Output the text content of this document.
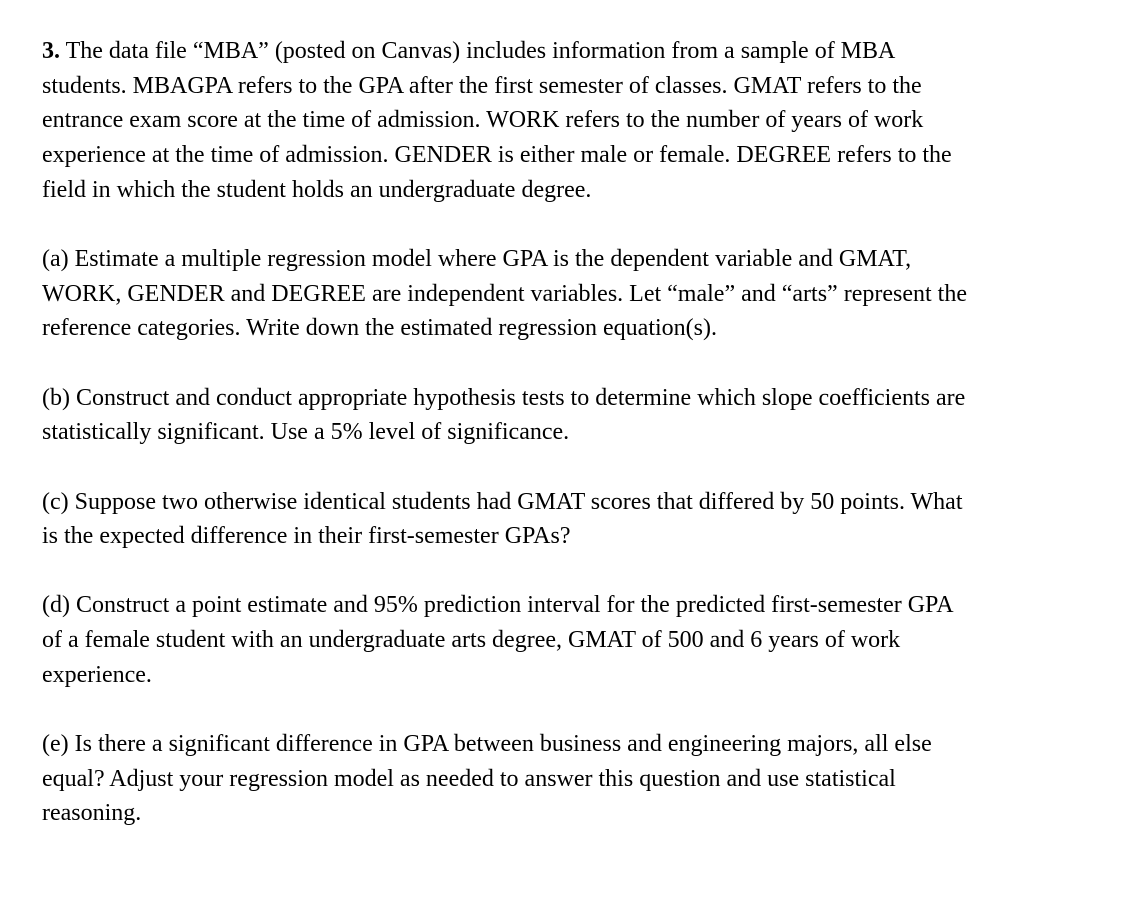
3. The data file “MBA” (posted on Canvas) includes information from a sample of MBA
students. MBAGPA refers to the GPA after the first semester of classes. GMAT refers to the
entrance exam score at the time of admission. WORK refers to the number of years of work
experience at the time of admission. GENDER is either male or female. DEGREE refers to the
field in which the student holds an undergraduate degree.

(a) Estimate a multiple regression model where GPA is the dependent variable and GMAT,
WORK, GENDER and DEGREE are independent variables. Let “male” and “arts” represent the
reference categories. Write down the estimated regression equation(s).

(b) Construct and conduct appropriate hypothesis tests to determine which slope coefficients are
statistically significant. Use a 5% level of significance.

(c) Suppose two otherwise identical students had GMAT scores that differed by 50 points. What
is the expected difference in their first-semester GPAs?

(d) Construct a point estimate and 95% prediction interval for the predicted first-semester GPA
of a female student with an undergraduate arts degree, GMAT of 500 and 6 years of work
experience.

(e) Is there a significant difference in GPA between business and engineering majors, all else
equal? Adjust your regression model as needed to answer this question and use statistical
reasoning.
